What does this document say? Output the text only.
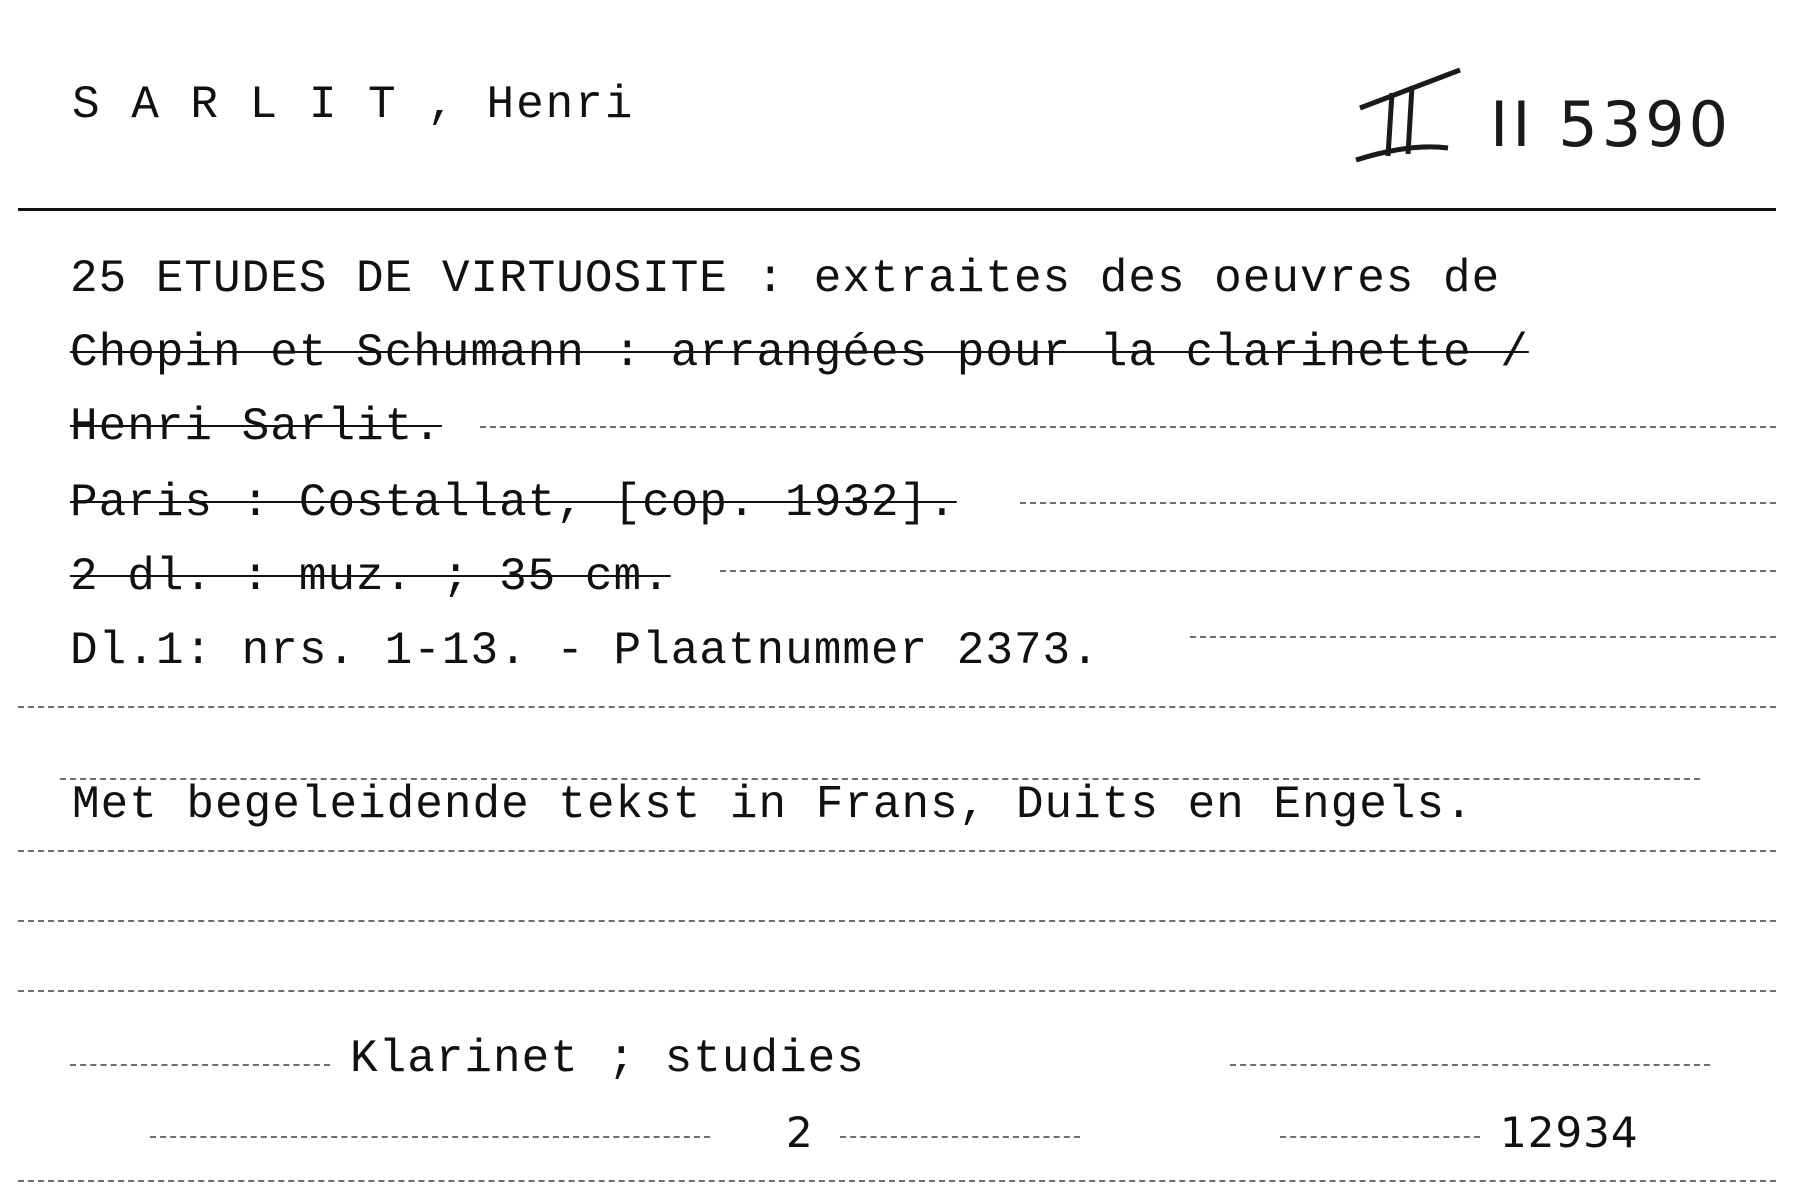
S A R L I T , Henri	II 5390
25 ETUDES DE VIRTUOSITE : extraites des oeuvres de
Chopin et Schumann : arrangées pour la clarinette /
Henri Sarlit.
Paris : Costallat, [cop. 1932].
2 dl. : muz. ; 35 cm.
Dl.1: nrs. 1-13. - Plaatnummer 2373.
Met begeleidende tekst in Frans, Duits en Engels.
Klarinet ; studies
2	12934
